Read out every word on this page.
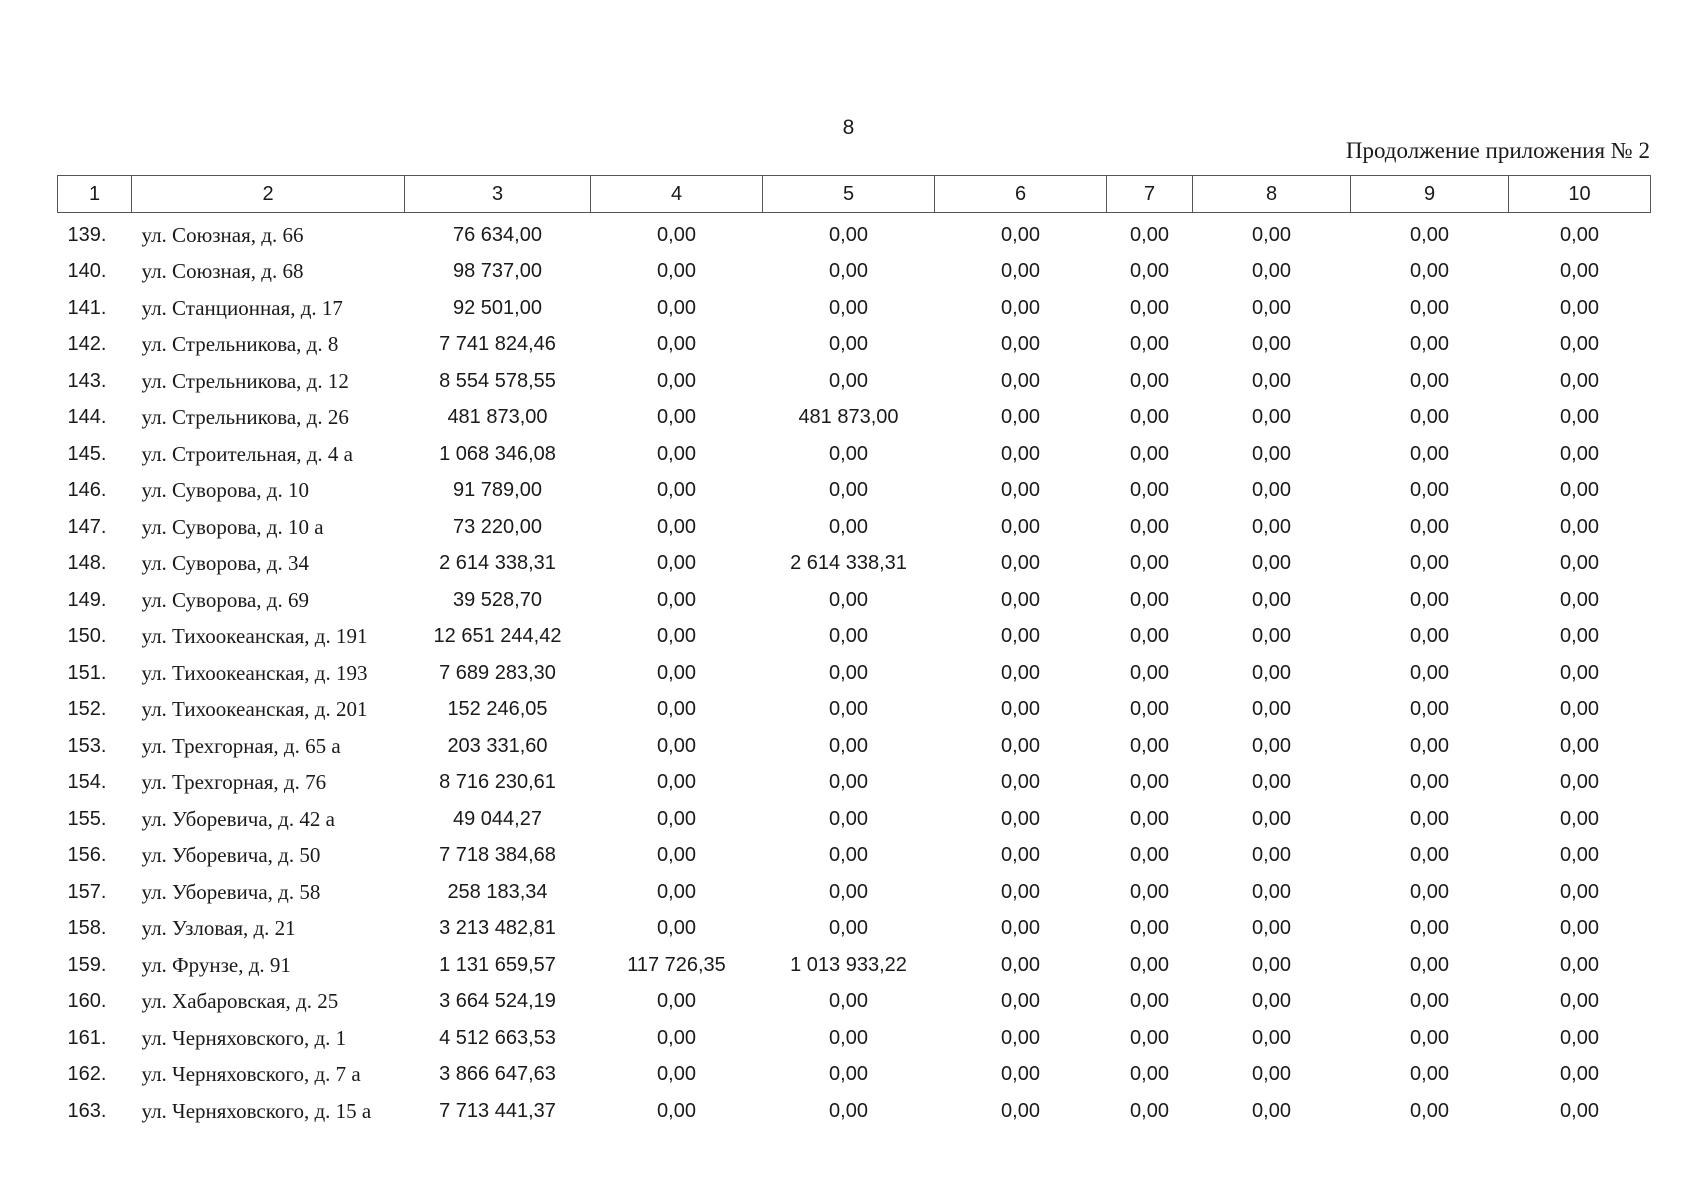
8
Продолжение приложения № 2
1	2	3	4	5	6	7	8	9	10
139.	ул. Союзная, д. 66	76 634,00	0,00	0,00	0,00	0,00	0,00	0,00	0,00
140.	ул. Союзная, д. 68	98 737,00	0,00	0,00	0,00	0,00	0,00	0,00	0,00
141.	ул. Станционная, д. 17	92 501,00	0,00	0,00	0,00	0,00	0,00	0,00	0,00
142.	ул. Стрельникова, д. 8	7 741 824,46	0,00	0,00	0,00	0,00	0,00	0,00	0,00
143.	ул. Стрельникова, д. 12	8 554 578,55	0,00	0,00	0,00	0,00	0,00	0,00	0,00
144.	ул. Стрельникова, д. 26	481 873,00	0,00	481 873,00	0,00	0,00	0,00	0,00	0,00
145.	ул. Строительная, д. 4 а	1 068 346,08	0,00	0,00	0,00	0,00	0,00	0,00	0,00
146.	ул. Суворова, д. 10	91 789,00	0,00	0,00	0,00	0,00	0,00	0,00	0,00
147.	ул. Суворова, д. 10 а	73 220,00	0,00	0,00	0,00	0,00	0,00	0,00	0,00
148.	ул. Суворова, д. 34	2 614 338,31	0,00	2 614 338,31	0,00	0,00	0,00	0,00	0,00
149.	ул. Суворова, д. 69	39 528,70	0,00	0,00	0,00	0,00	0,00	0,00	0,00
150.	ул. Тихоокеанская, д. 191	12 651 244,42	0,00	0,00	0,00	0,00	0,00	0,00	0,00
151.	ул. Тихоокеанская, д. 193	7 689 283,30	0,00	0,00	0,00	0,00	0,00	0,00	0,00
152.	ул. Тихоокеанская, д. 201	152 246,05	0,00	0,00	0,00	0,00	0,00	0,00	0,00
153.	ул. Трехгорная, д. 65 а	203 331,60	0,00	0,00	0,00	0,00	0,00	0,00	0,00
154.	ул. Трехгорная, д. 76	8 716 230,61	0,00	0,00	0,00	0,00	0,00	0,00	0,00
155.	ул. Уборевича, д. 42 а	49 044,27	0,00	0,00	0,00	0,00	0,00	0,00	0,00
156.	ул. Уборевича, д. 50	7 718 384,68	0,00	0,00	0,00	0,00	0,00	0,00	0,00
157.	ул. Уборевича, д. 58	258 183,34	0,00	0,00	0,00	0,00	0,00	0,00	0,00
158.	ул. Узловая, д. 21	3 213 482,81	0,00	0,00	0,00	0,00	0,00	0,00	0,00
159.	ул. Фрунзе, д. 91	1 131 659,57	117 726,35	1 013 933,22	0,00	0,00	0,00	0,00	0,00
160.	ул. Хабаровская, д. 25	3 664 524,19	0,00	0,00	0,00	0,00	0,00	0,00	0,00
161.	ул. Черняховского, д. 1	4 512 663,53	0,00	0,00	0,00	0,00	0,00	0,00	0,00
162.	ул. Черняховского, д. 7 а	3 866 647,63	0,00	0,00	0,00	0,00	0,00	0,00	0,00
163.	ул. Черняховского, д. 15 а	7 713 441,37	0,00	0,00	0,00	0,00	0,00	0,00	0,00
